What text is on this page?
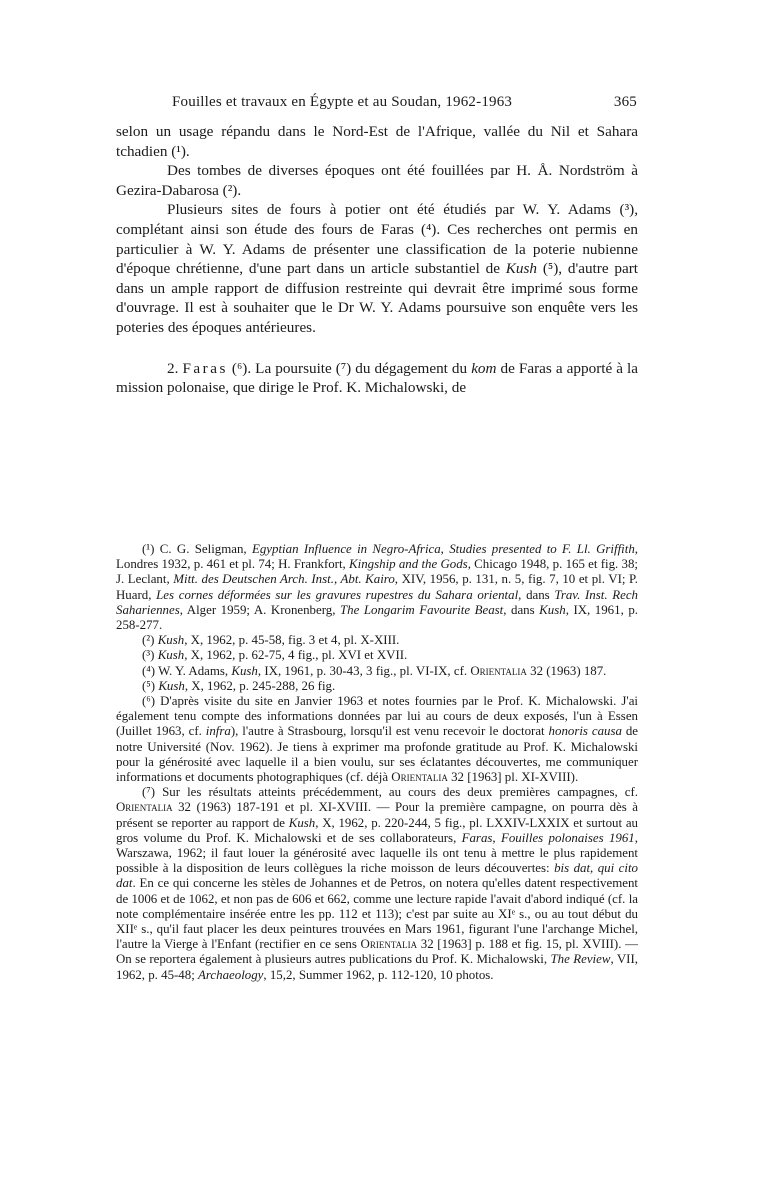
Fouilles et travaux en Égypte et au Soudan, 1962-1963	365

selon un usage répandu dans le Nord-Est de l'Afrique, vallée du Nil et Sahara tchadien (¹).

Des tombes de diverses époques ont été fouillées par H. Å. Nordström à Gezira-Dabarosa (²).

Plusieurs sites de fours à potier ont été étudiés par W. Y. Adams (³), complétant ainsi son étude des fours de Faras (⁴). Ces recherches ont permis en particulier à W. Y. Adams de présenter une classification de la poterie nubienne d'époque chrétienne, d'une part dans un article substantiel de Kush (⁵), d'autre part dans un ample rapport de diffusion restreinte qui devrait être imprimé sous forme d'ouvrage. Il est à souhaiter que le Dr W. Y. Adams poursuive son enquête vers les poteries des époques antérieures.

2. Faras (⁶). La poursuite (⁷) du dégagement du kom de Faras a apporté à la mission polonaise, que dirige le Prof. K. Michalowski, de

(¹) C. G. Seligman, Egyptian Influence in Negro-Africa, Studies presented to F. Ll. Griffith, Londres 1932, p. 461 et pl. 74; H. Frankfort, Kingship and the Gods, Chicago 1948, p. 165 et fig. 38; J. Leclant, Mitt. des Deutschen Arch. Inst., Abt. Kairo, XIV, 1956, p. 131, n. 5, fig. 7, 10 et pl. VI; P. Huard, Les cornes déformées sur les gravures rupestres du Sahara oriental, dans Trav. Inst. Rech Sahariennes, Alger 1959; A. Kronenberg, The Longarim Favourite Beast, dans Kush, IX, 1961, p. 258-277.

(²) Kush, X, 1962, p. 45-58, fig. 3 et 4, pl. X-XIII.

(³) Kush, X, 1962, p. 62-75, 4 fig., pl. XVI et XVII.

(⁴) W. Y. Adams, Kush, IX, 1961, p. 30-43, 3 fig., pl. VI-IX, cf. Orientalia 32 (1963) 187.

(⁵) Kush, X, 1962, p. 245-288, 26 fig.

(⁶) D'après visite du site en Janvier 1963 et notes fournies par le Prof. K. Michalowski. J'ai également tenu compte des informations données par lui au cours de deux exposés, l'un à Essen (Juillet 1963, cf. infra), l'autre à Strasbourg, lorsqu'il est venu recevoir le doctorat honoris causa de notre Université (Nov. 1962). Je tiens à exprimer ma profonde gratitude au Prof. K. Michalowski pour la générosité avec laquelle il a bien voulu, sur ses éclatantes découvertes, me communiquer informations et documents photographiques (cf. déjà Orientalia 32 [1963] pl. XI-XVIII).

(⁷) Sur les résultats atteints précédemment, au cours des deux premières campagnes, cf. Orientalia 32 (1963) 187-191 et pl. XI-XVIII. — Pour la première campagne, on pourra dès à présent se reporter au rapport de Kush, X, 1962, p. 220-244, 5 fig., pl. LXXIV-LXXIX et surtout au gros volume du Prof. K. Michalowski et de ses collaborateurs, Faras, Fouilles polonaises 1961, Warszawa, 1962; il faut louer la générosité avec laquelle ils ont tenu à mettre le plus rapidement possible à la disposition de leurs collègues la riche moisson de leurs découvertes: bis dat, qui cito dat. En ce qui concerne les stèles de Johannes et de Petros, on notera qu'elles datent respectivement de 1006 et de 1062, et non pas de 606 et 662, comme une lecture rapide l'avait d'abord indiqué (cf. la note complémentaire insérée entre les pp. 112 et 113); c'est par suite au XIᵉ s., ou au tout début du XIIᵉ s., qu'il faut placer les deux peintures trouvées en Mars 1961, figurant l'une l'archange Michel, l'autre la Vierge à l'Enfant (rectifier en ce sens Orientalia 32 [1963] p. 188 et fig. 15, pl. XVIII). — On se reportera également à plusieurs autres publications du Prof. K. Michalowski, The Review, VII, 1962, p. 45-48; Archaeology, 15,2, Summer 1962, p. 112-120, 10 photos.
